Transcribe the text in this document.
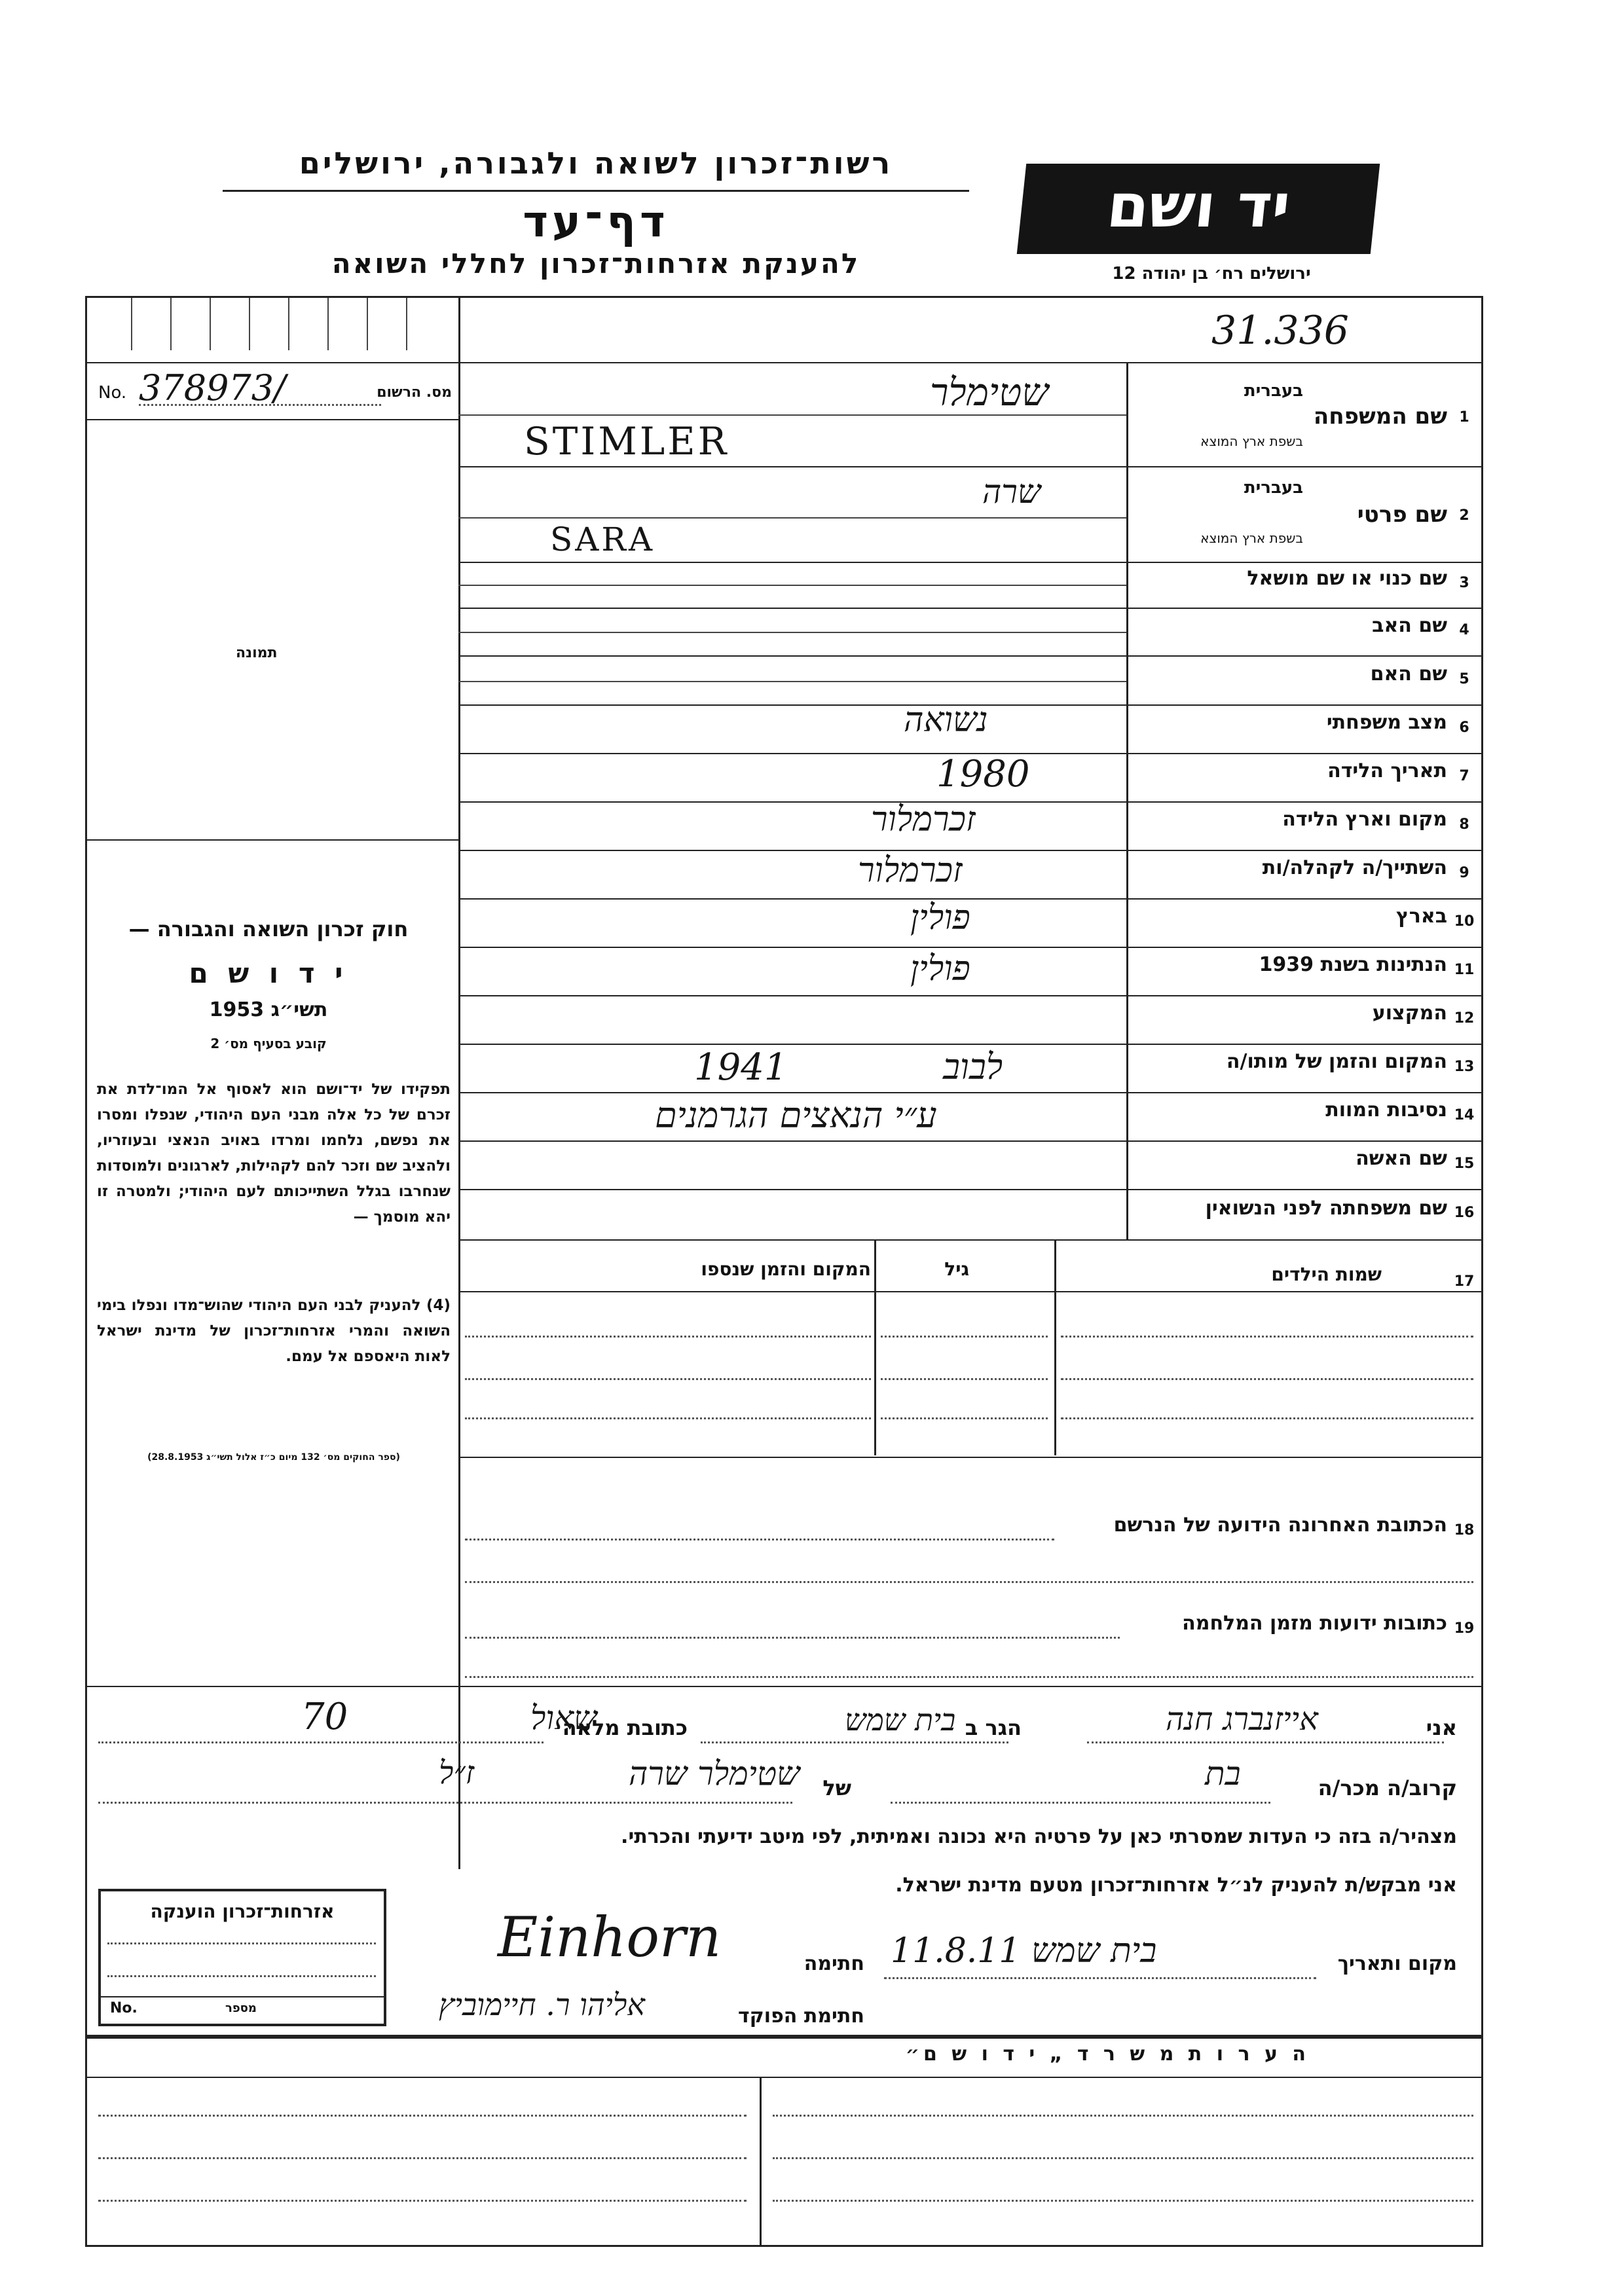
רשות־זכרון לשואה ולגבורה, ירושלים
דף־עד
להענקת אזרחות־זכרון לחללי השואה
יד ושם
ירושלים רח׳ בן יהודה 12
31.336
No. 378973/	מס. הרשום
תמונה
חוק זכרון השואה והגבורה —
י ד ו ש ם
תשי״ג 1953
קובע בסעיף מס׳ 2
תפקידו של יד־ושם הוא לאסוף אל המו־לדת את זכרם של כל אלה מבני העם היהודי, שנפלו ומסרו את נפשם, נלחמו ומרדו באויב הנאצי ובעוזריו, ולהציב שם וזכר להם לקהילות, לארגונים ולמוסדות שנחרבו בגלל השתייכותם לעם היהודי; ולמטרה זו יהא מוסמך —
(4) להעניק לבני העם היהודי שהוש־מדו ונפלו בימי השואה והמרי אזרחות־זכרון של מדינת ישראל לאות היאספם אל עמם.
(ספר החוקים מס׳ 132 מיום כ״ז אלול תשי״ג 28.8.1953)
1
שם המשפחה
בעברית
בשפת ארץ המוצא
שטימלר
STIMLER
2
שם פרטי
בעברית
בשפת ארץ המוצא
שרה
SARA
3
שם כנוי או שם מושאל
4
שם האב
5
שם האם
6
מצב משפחתי
נשואה
7
תאריך הלידה
1980
8
מקום וארץ הלידה
זכרמלור
9
השתייך/ה לקהלה/ות
זכרמלור
10
בארץ
פולין
11
הנתינות בשנת 1939
פולין
12
המקצוע
13
המקום והזמן של מותו/ה
1941	לבוב
14
נסיבות המוות
ע״י הנאצים הגרמנים
15
שם האשה
16
שם משפחתה לפני הנשואין
17
שמות הילדים
גיל
המקום והזמן שנספו
18
הכתובת האחרונה הידועה של הנרשם
19
כתובות ידועות מזמן המלחמה
אני
אייזנברג חנה
הגר ב
בית שמש
כתובת מלאה
שאול
70
קרוב/ה מכר/ה
בת
של
שטימלר שרה
ז״ל
מצהיר/ה בזה כי העדות שמסרתי כאן על פרטיה היא נכונה ואמיתית, לפי מיטב ידיעתי והכרתי.
אני מבקש/ת להעניק לנ״ל אזרחות־זכרון מטעם מדינת ישראל.
מקום ותאריך
בית שמש 11.8.11
חתימה
Einhorn
חתימת הפוקד
אליהו ר. חיימוביץ
אזרחות־זכרון הוענקה
No.	מספר
ה ע ר ו ת מ ש ר ד „ י ד ו ש ם״
